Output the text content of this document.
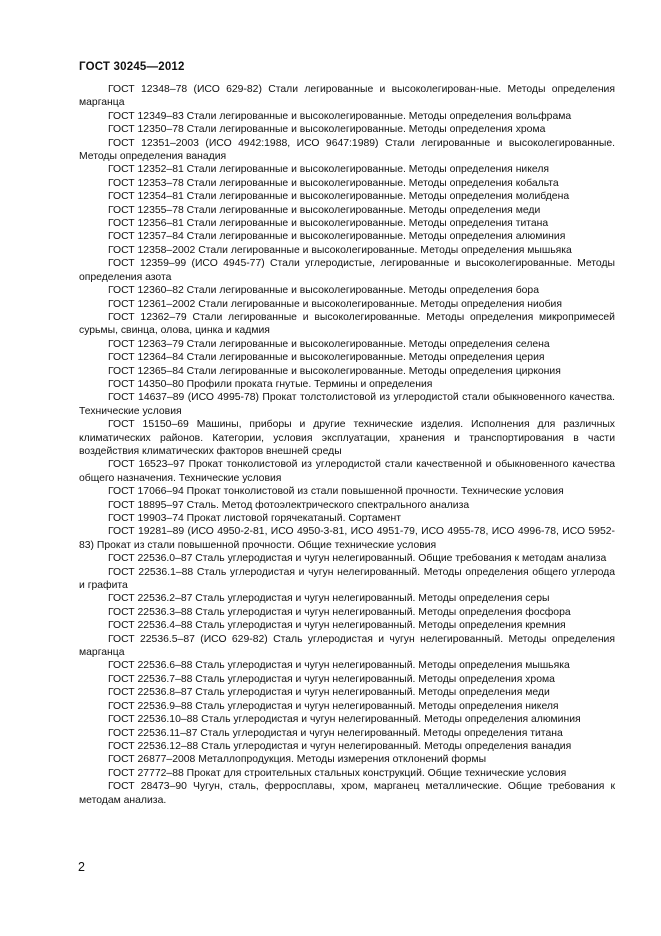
ГОСТ 30245—2012

ГОСТ 12348–78 (ИСО 629-82) Стали легированные и высоколегирован-ные. Методы определения марганца

ГОСТ 12349–83 Стали легированные и высоколегированные. Методы определения вольфрама

ГОСТ 12350–78 Стали легированные и высоколегированные. Методы определения хрома

ГОСТ 12351–2003 (ИСО 4942:1988, ИСО 9647:1989) Стали легированные и высоколегированные. Методы определения ванадия

ГОСТ 12352–81 Стали легированные и высоколегированные. Методы определения никеля

ГОСТ 12353–78 Стали легированные и высоколегированные. Методы определения кобальта

ГОСТ 12354–81 Стали легированные и высоколегированные. Методы определения молибдена

ГОСТ 12355–78 Стали легированные и высоколегированные. Методы определения меди

ГОСТ 12356–81 Стали легированные и высоколегированные. Методы определения титана

ГОСТ 12357–84 Стали легированные и высоколегированные. Методы определения алюминия

ГОСТ 12358–2002 Стали легированные и высоколегированные. Методы определения мышьяка

ГОСТ 12359–99 (ИСО 4945-77) Стали углеродистые, легированные и высоколегированные. Методы определения азота

ГОСТ 12360–82 Стали легированные и высоколегированные. Методы определения бора

ГОСТ 12361–2002 Стали легированные и высоколегированные. Методы определения ниобия

ГОСТ 12362–79 Стали легированные и высоколегированные. Методы определения микропримесей сурьмы, свинца, олова, цинка и кадмия

ГОСТ 12363–79 Стали легированные и высоколегированные. Методы определения селена

ГОСТ 12364–84 Стали легированные и высоколегированные. Методы определения церия

ГОСТ 12365–84 Стали легированные и высоколегированные. Методы определения циркония

ГОСТ 14350–80 Профили проката гнутые. Термины и определения

ГОСТ 14637–89 (ИСО 4995-78) Прокат толстолистовой из углеродистой стали обыкновенного качества. Технические условия

ГОСТ 15150–69 Машины, приборы и другие технические изделия. Исполнения для различных климатических районов. Категории, условия эксплуатации, хранения и транспортирования в части воздействия климатических факторов внешней среды

ГОСТ 16523–97 Прокат тонколистовой из углеродистой стали качественной и обыкновенного качества общего назначения. Технические условия

ГОСТ 17066–94 Прокат тонколистовой из стали повышенной прочности. Технические условия

ГОСТ 18895–97 Сталь. Метод фотоэлектрического спектрального анализа

ГОСТ 19903–74 Прокат листовой горячекатаный. Сортамент

ГОСТ 19281–89 (ИСО 4950-2-81, ИСО 4950-3-81, ИСО 4951-79, ИСО 4955-78, ИСО 4996-78, ИСО 5952-83) Прокат из стали повышенной прочности. Общие технические условия

ГОСТ 22536.0–87 Сталь углеродистая и чугун нелегированный. Общие требования к методам анализа

ГОСТ 22536.1–88 Сталь углеродистая и чугун нелегированный. Методы определения общего углерода и графита

ГОСТ 22536.2–87 Сталь углеродистая и чугун нелегированный. Методы определения серы

ГОСТ 22536.3–88 Сталь углеродистая и чугун нелегированный. Методы определения фосфора

ГОСТ 22536.4–88 Сталь углеродистая и чугун нелегированный. Методы определения кремния

ГОСТ 22536.5–87 (ИСО 629-82) Сталь углеродистая и чугун нелегированный. Методы определения марганца

ГОСТ 22536.6–88 Сталь углеродистая и чугун нелегированный. Методы определения мышьяка

ГОСТ 22536.7–88 Сталь углеродистая и чугун нелегированный. Методы определения хрома

ГОСТ 22536.8–87 Сталь углеродистая и чугун нелегированный. Методы определения меди

ГОСТ 22536.9–88 Сталь углеродистая и чугун нелегированный. Методы определения никеля

ГОСТ 22536.10–88 Сталь углеродистая и чугун нелегированный. Методы определения алюминия

ГОСТ 22536.11–87 Сталь углеродистая и чугун нелегированный. Методы определения титана

ГОСТ 22536.12–88 Сталь углеродистая и чугун нелегированный. Методы определения ванадия

ГОСТ 26877–2008 Металлопродукция. Методы измерения отклонений формы

ГОСТ 27772–88 Прокат для строительных стальных конструкций. Общие технические условия

ГОСТ 28473–90 Чугун, сталь, ферросплавы, хром, марганец металлические. Общие требования к методам анализа.

2
